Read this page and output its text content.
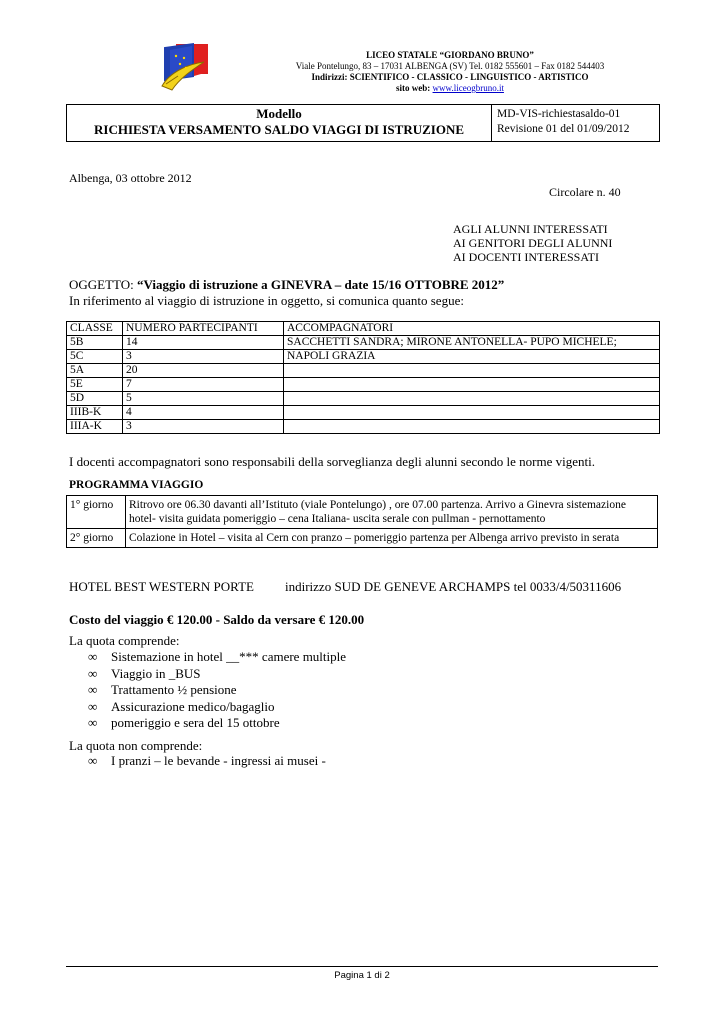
LICEO STATALE “GIORDANO BRUNO”
Viale Pontelungo, 83 – 17031 ALBENGA (SV) Tel. 0182 555601 – Fax 0182 544403
Indirizzi: SCIENTIFICO - CLASSICO - LINGUISTICO - ARTISTICO
sito web: www.liceogbruno.it
Modello
RICHIESTA VERSAMENTO SALDO VIAGGI DI ISTRUZIONE
MD-VIS-richiestasaldo-01
Revisione 01 del 01/09/2012
Albenga, 03 ottobre 2012
Circolare n. 40
AGLI ALUNNI INTERESSATI
AI GENITORI DEGLI ALUNNI
AI DOCENTI INTERESSATI
OGGETTO: “Viaggio di istruzione a GINEVRA – date 15/16 OTTOBRE 2012”
In riferimento al viaggio di istruzione in oggetto, si comunica quanto segue:
CLASSE	NUMERO PARTECIPANTI	ACCOMPAGNATORI
5B	14	SACCHETTI SANDRA; MIRONE ANTONELLA- PUPO MICHELE;
5C	3	NAPOLI GRAZIA
5A	20	
5E	7	
5D	5	
IIIB-K	4	
IIIA-K	3	
I docenti accompagnatori sono responsabili della sorveglianza degli alunni secondo le norme vigenti.
PROGRAMMA VIAGGIO
1° giorno	Ritrovo ore 06.30 davanti all’Istituto (viale Pontelungo) , ore 07.00 partenza. Arrivo a Ginevra sistemazione hotel- visita guidata pomeriggio – cena Italiana- uscita serale con pullman - pernottamento
2° giorno	Colazione in Hotel – visita al Cern con pranzo – pomeriggio partenza per Albenga arrivo previsto in serata
HOTEL BEST WESTERN PORTE indirizzo SUD DE GENEVE ARCHAMPS tel 0033/4/50311606
Costo del viaggio € 120.00 - Saldo da versare € 120.00
La quota comprende:
∞ Sistemazione in hotel __*** camere multiple
∞ Viaggio in _BUS
∞ Trattamento ½ pensione
∞ Assicurazione medico/bagaglio
∞ pomeriggio e sera del 15 ottobre
La quota non comprende:
∞ I pranzi – le bevande - ingressi ai musei -
Pagina 1 di 2
